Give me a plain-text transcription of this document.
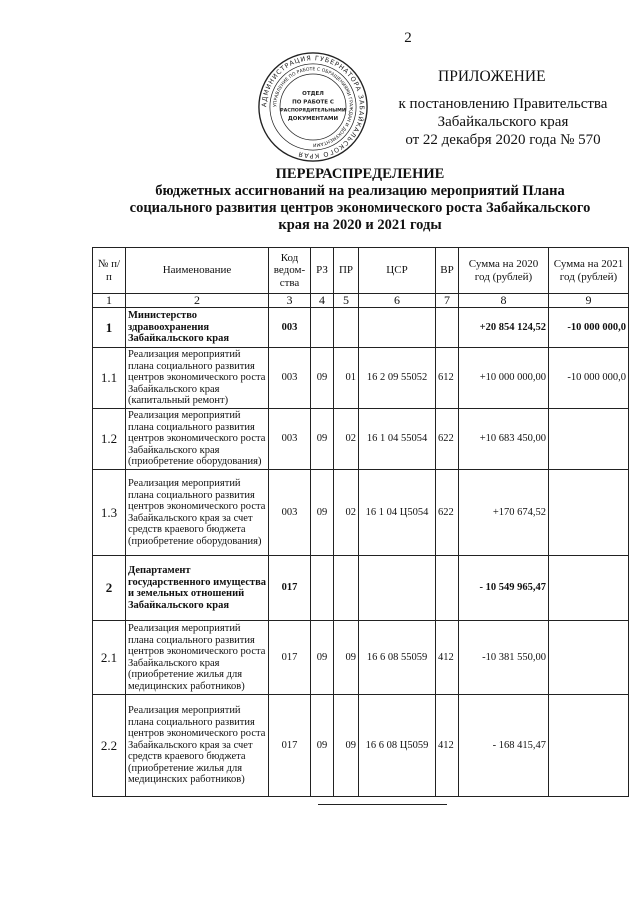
2
ПРИЛОЖЕНИЕ
к постановлению Правительства
Забайкальского края
от 22 декабря 2020 года № 570
АДМИНИСТРАЦИЯ ГУБЕРНАТОРА ЗАБАЙКАЛЬСКОГО КРАЯ
УПРАВЛЕНИЕ ПО РАБОТЕ С ОБРАЩЕНИЯМИ ГРАЖДАН И ДОКУМЕНТАМИ
ОТДЕЛ
ПО РАБОТЕ С
РАСПОРЯДИТЕЛЬНЫМИ
ДОКУМЕНТАМИ
ПЕРЕРАСПРЕДЕЛЕНИЕ
бюджетных ассигнований на реализацию мероприятий Плана
социального развития центров экономического роста Забайкальского
края на 2020 и 2021 годы
№ п/п	Наименование	Код ведом-ства	РЗ	ПР	ЦСР	ВР	Сумма на 2020 год (рублей)	Сумма на 2021 год (рублей)
1	2	3	4	5	6	7	8	9
1	Министерство здравоохранения Забайкальского края	003					+20 854 124,52	-10 000 000,0
1.1	Реализация мероприятий плана социального развития центров экономического роста Забайкальского края (капитальный ремонт)	003	09	01	16 2 09 55052	612	+10 000 000,00	-10 000 000,0
1.2	Реализация мероприятий плана социального развития центров экономического роста Забайкальского края (приобретение оборудования)	003	09	02	16 1 04 55054	622	+10 683 450,00	
1.3	Реализация мероприятий плана социального развития центров экономического роста Забайкальского края за счет средств краевого бюджета (приобретение оборудования)	003	09	02	16 1 04 Ц5054	622	+170 674,52	
2	Департамент государственного имущества и земельных отношений Забайкальского края	017					- 10 549 965,47	
2.1	Реализация мероприятий плана социального развития центров экономического роста Забайкальского края (приобретение жилья для медицинских работников)	017	09	09	16 6 08 55059	412	-10 381 550,00	
2.2	Реализация мероприятий плана социального развития центров экономического роста Забайкальского края за счет средств краевого бюджета (приобретение жилья для медицинских работников)	017	09	09	16 6 08 Ц5059	412	- 168 415,47	
